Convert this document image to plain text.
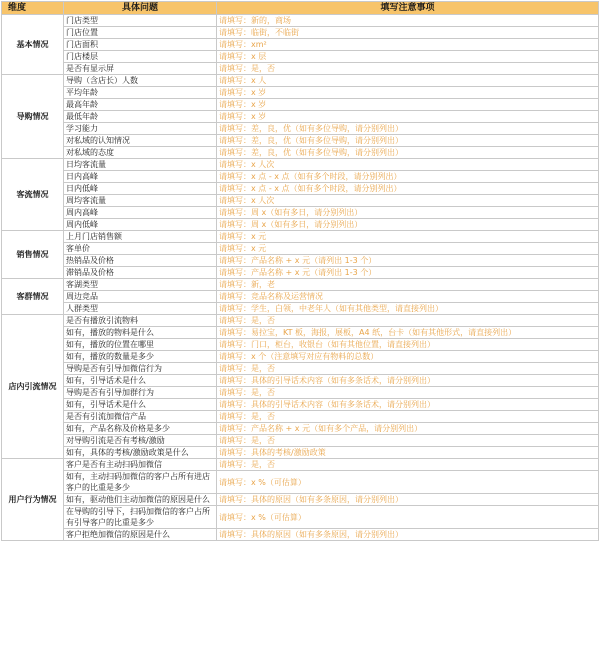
维度	具体问题	填写注意事项
基本情况	门店类型	请填写：新的，商场
	门店位置	请填写：临街，不临街
	门店面积	请填写：xm²
	门店楼层	请填写：x 层
	是否有显示屏	请填写：是，否
导购情况	导购（含店长）人数	请填写：x 人
	平均年龄	请填写：x 岁
	最高年龄	请填写：x 岁
	最低年龄	请填写：x 岁
	学习能力	请填写：差，良，优（如有多位导购，请分别列出）
	对私域的认知情况	请填写：差，良，优（如有多位导购，请分别列出）
	对私域的态度	请填写：差，良，优（如有多位导购，请分别列出）
客流情况	日均客流量	请填写：x 人次
	日内高峰	请填写：x 点 - x 点（如有多个时段，请分别列出）
	日内低峰	请填写：x 点 - x 点（如有多个时段，请分别列出）
	周均客流量	请填写：x 人次
	周内高峰	请填写：周 x（如有多日，请分别列出）
	周内低峰	请填写：周 x（如有多日，请分别列出）
销售情况	上月门店销售额	请填写：x 元
	客单价	请填写：x 元
	热销品及价格	请填写：产品名称 + x 元（请列出 1-3 个）
	滞销品及价格	请填写：产品名称 + x 元（请列出 1-3 个）
客群情况	客湖类型	请填写：新，老
	周边竞品	请填写：竞品名称及运营情况
	人群类型	请填写：学生，白领，中老年人（如有其他类型，请直接列出）
店内引流情况	是否有播放引流物料	请填写：是，否
	如有，播放的物料是什么	请填写：易拉宝，KT 板，海报，展板，A4 纸，台卡（如有其他形式，请直接列出）
	如有，播放的位置在哪里	请填写：门口，柜台，收银台（如有其他位置，请直接列出）
	如有，播放的数量是多少	请填写：x 个（注意填写对应有物料的总数）
	导购是否有引导加微信行为	请填写：是，否
	如有，引导话术是什么	请填写：具体的引导话术内容（如有多条话术，请分别列出）
	导购是否有引导加群行为	请填写：是，否
	如有，引导话术是什么	请填写：具体的引导话术内容（如有多条话术，请分别列出）
	是否有引流加微信产品	请填写：是，否
	如有，产品名称及价格是多少	请填写：产品名称 + x 元（如有多个产品，请分别列出）
	对导购引流是否有考核/激励	请填写：是，否
	如有，具体的考核/激励政策是什么	请填写：具体的考核/激励政策
用户行为情况	客户是否有主动扫码加微信	请填写：是，否
	如有，主动扫码加微信的客户占所有进店客户的比重是多少	请填写：x %（可估算）
	如有，驱动他们主动加微信的原因是什么	请填写：具体的原因（如有多条原因，请分别列出）
	在导购的引导下，扫码加微信的客户占所有引导客户的比重是多少	请填写：x %（可估算）
	客户拒绝加微信的原因是什么	请填写：具体的原因（如有多条原因，请分别列出）
